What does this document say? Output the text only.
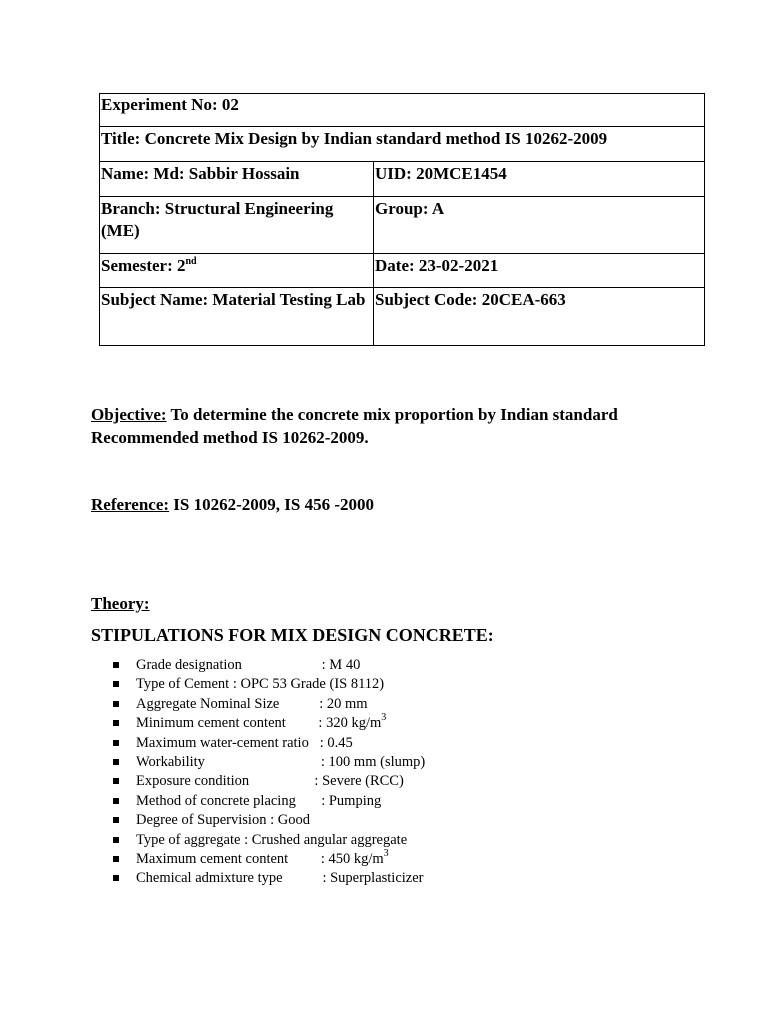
Experiment No: 02	
Title: Concrete Mix Design by Indian standard method IS 10262-2009	
Name: Md: Sabbir Hossain	UID: 20MCE1454
Branch: Structural Engineering (ME)	Group: A
Semester: 2nd	Date: 23-02-2021
Subject Name: Material Testing Lab	Subject Code: 20CEA-663

Objective: To determine the concrete mix proportion by Indian standard Recommended method IS 10262-2009.

Reference: IS 10262-2009, IS 456 -2000

Theory:

STIPULATIONS FOR MIX DESIGN CONCRETE:

Grade designation                      : M 40
Type of Cement : OPC 53 Grade (IS 8112)
Aggregate Nominal Size           : 20 mm
Minimum cement content         : 320 $kg/m^3$
Maximum water-cement ratio   : 0.45
Workability                                : 100 mm (slump)
Exposure condition                  : Severe (RCC)
Method of concrete placing       : Pumping
Degree of Supervision : Good
Type of aggregate : Crushed angular aggregate
Maximum cement content         : 450 $kg/m^3$
Chemical admixture type           : Superplasticizer
